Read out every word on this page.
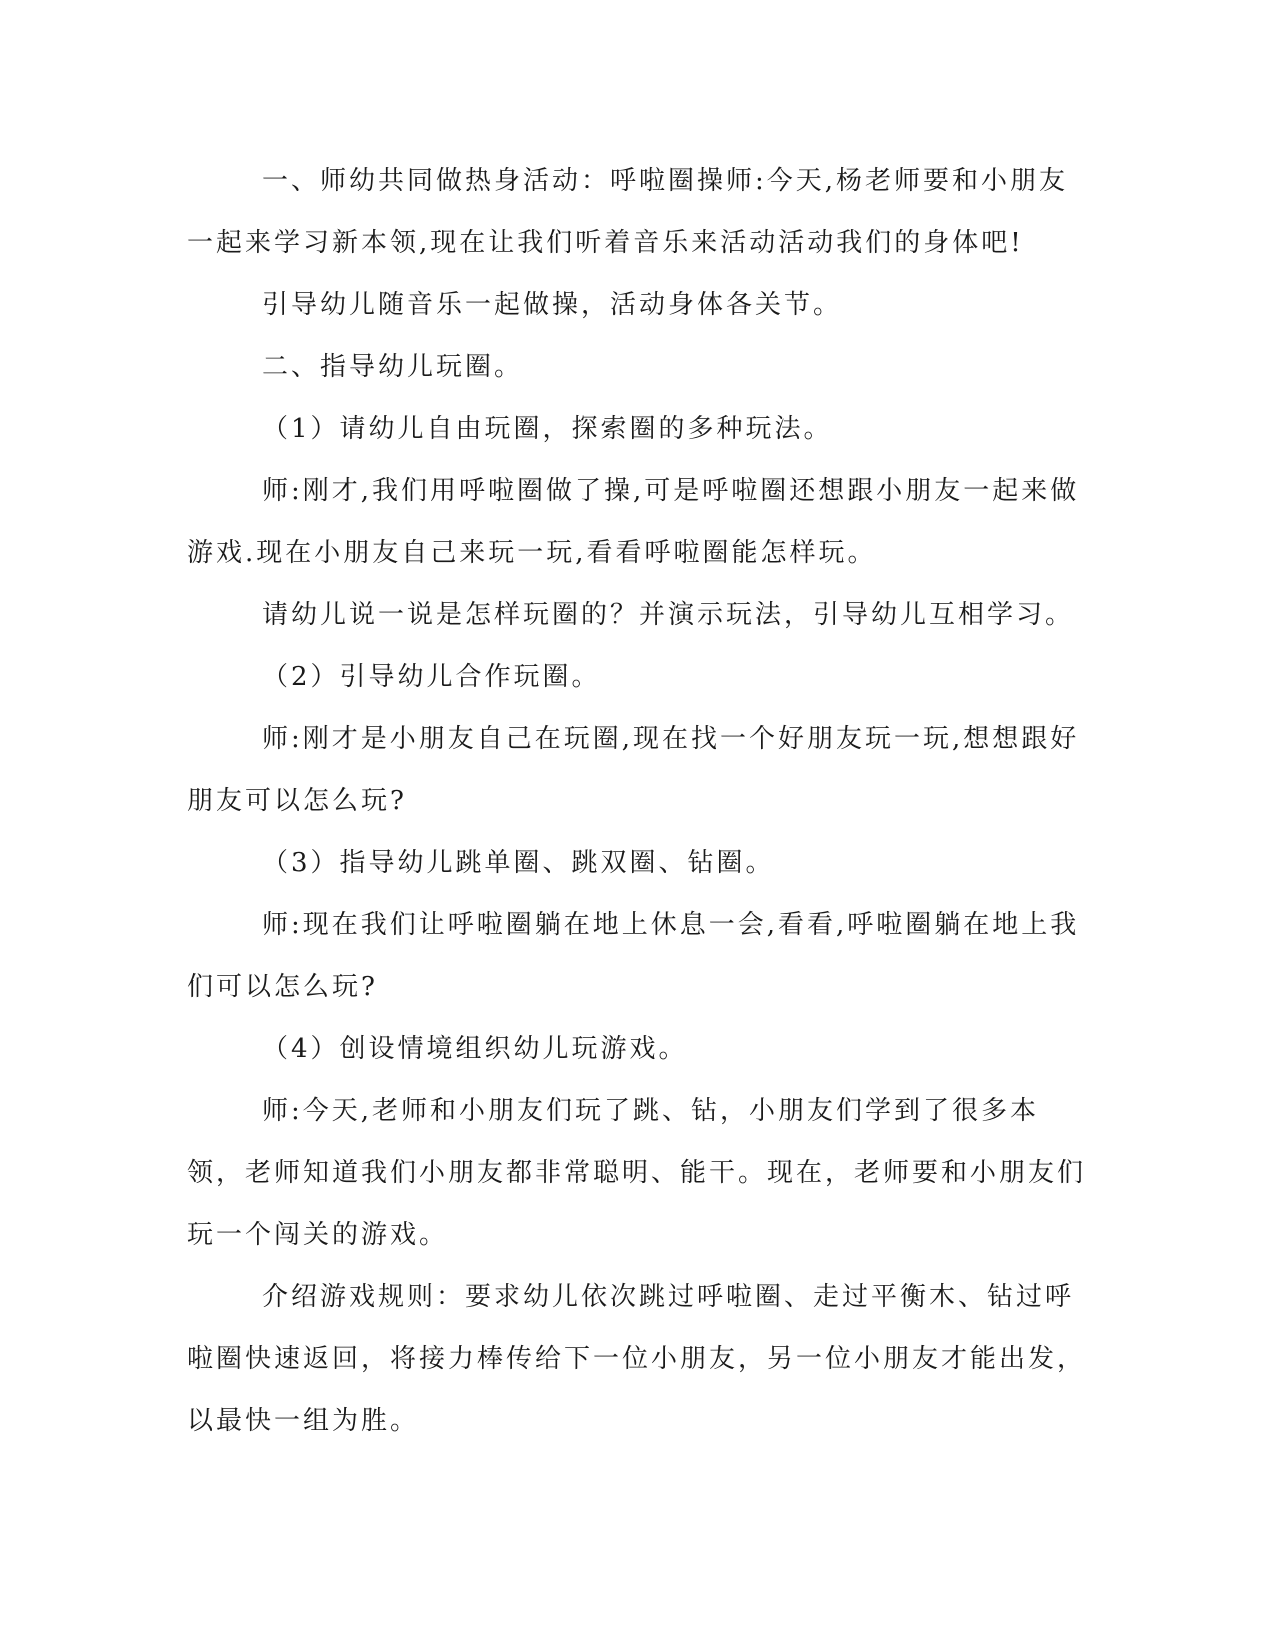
一、师幼共同做热身活动：呼啦圈操师:今天,杨老师要和小朋友一起来学习新本领,现在让我们听着音乐来活动活动我们的身体吧!

引导幼儿随音乐一起做操，活动身体各关节。

二、指导幼儿玩圈。

（1）请幼儿自由玩圈，探索圈的多种玩法。

师:刚才,我们用呼啦圈做了操,可是呼啦圈还想跟小朋友一起来做游戏.现在小朋友自己来玩一玩,看看呼啦圈能怎样玩。

请幼儿说一说是怎样玩圈的？并演示玩法，引导幼儿互相学习。

（2）引导幼儿合作玩圈。

师:刚才是小朋友自己在玩圈,现在找一个好朋友玩一玩,想想跟好朋友可以怎么玩?

（3）指导幼儿跳单圈、跳双圈、钻圈。

师:现在我们让呼啦圈躺在地上休息一会,看看,呼啦圈躺在地上我们可以怎么玩?

（4）创设情境组织幼儿玩游戏。

师:今天,老师和小朋友们玩了跳、钻，小朋友们学到了很多本领，老师知道我们小朋友都非常聪明、能干。现在，老师要和小朋友们玩一个闯关的游戏。

介绍游戏规则：要求幼儿依次跳过呼啦圈、走过平衡木、钻过呼啦圈快速返回，将接力棒传给下一位小朋友，另一位小朋友才能出发，以最快一组为胜。
